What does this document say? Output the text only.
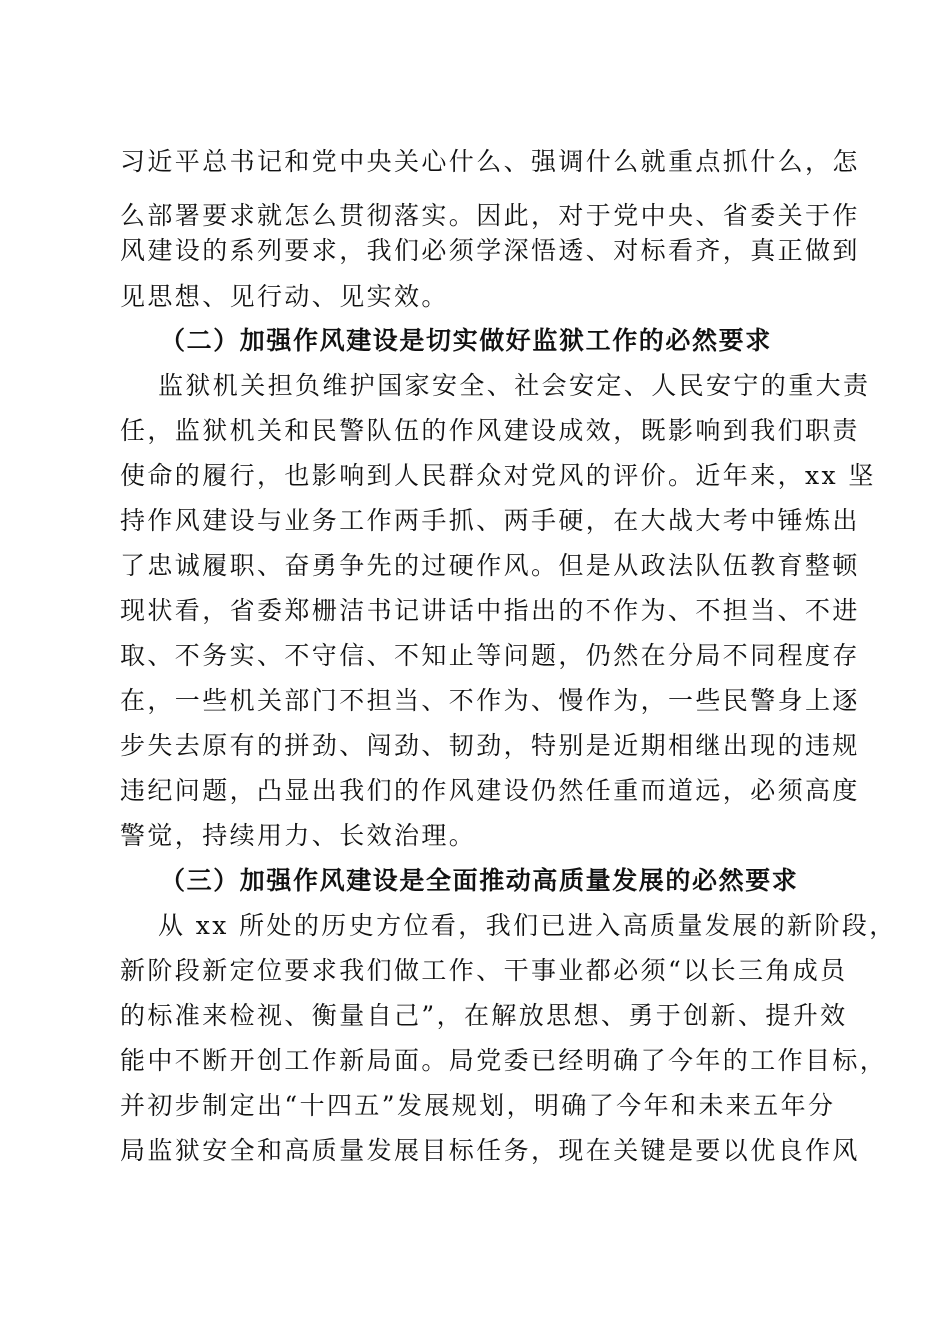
习近平总书记和党中央关心什么、强调什么就重点抓什么，怎
么部署要求就怎么贯彻落实。因此，对于党中央、省委关于作
风建设的系列要求，我们必须学深悟透、对标看齐，真正做到
见思想、见行动、见实效。
（二）加强作风建设是切实做好监狱工作的必然要求
监狱机关担负维护国家安全、社会安定、人民安宁的重大责
任，监狱机关和民警队伍的作风建设成效，既影响到我们职责
使命的履行，也影响到人民群众对党风的评价。近年来，xx 坚
持作风建设与业务工作两手抓、两手硬，在大战大考中锤炼出
了忠诚履职、奋勇争先的过硬作风。但是从政法队伍教育整顿
现状看，省委郑栅洁书记讲话中指出的不作为、不担当、不进
取、不务实、不守信、不知止等问题，仍然在分局不同程度存
在，一些机关部门不担当、不作为、慢作为，一些民警身上逐
步失去原有的拼劲、闯劲、韧劲，特别是近期相继出现的违规
违纪问题，凸显出我们的作风建设仍然任重而道远，必须高度
警觉，持续用力、长效治理。
（三）加强作风建设是全面推动高质量发展的必然要求
从 xx 所处的历史方位看，我们已进入高质量发展的新阶段，
新阶段新定位要求我们做工作、干事业都必须“以长三角成员
的标准来检视、衡量自己”，在解放思想、勇于创新、提升效
能中不断开创工作新局面。局党委已经明确了今年的工作目标，
并初步制定出“十四五”发展规划，明确了今年和未来五年分
局监狱安全和高质量发展目标任务，现在关键是要以优良作风
